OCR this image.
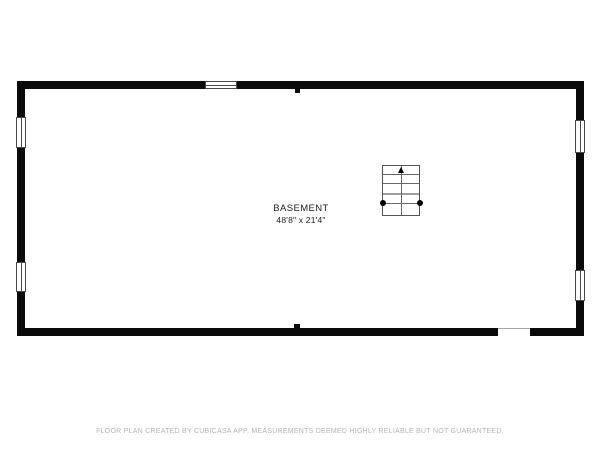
BASEMENT
48'8" x 21'4"
FLOOR PLAN CREATED BY CUBICASA APP. MEASUREMENTS DEEMED HIGHLY RELIABLE BUT NOT GUARANTEED.
